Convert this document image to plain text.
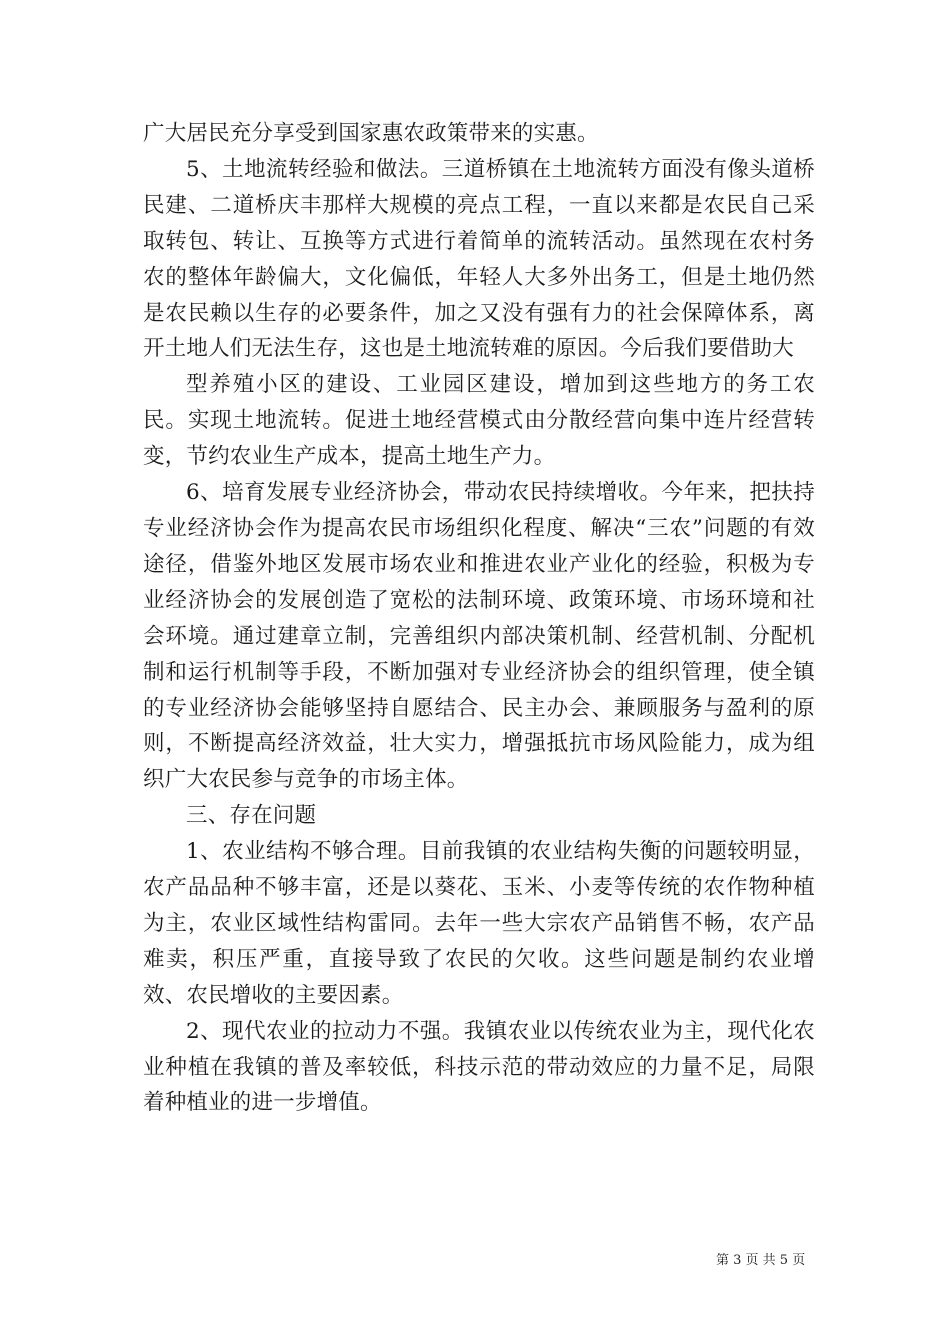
广大居民充分享受到国家惠农政策带来的实惠。

5、土地流转经验和做法。三道桥镇在土地流转方面没有像头道桥民建、二道桥庆丰那样大规模的亮点工程，一直以来都是农民自己采取转包、转让、互换等方式进行着简单的流转活动。虽然现在农村务农的整体年龄偏大，文化偏低，年轻人大多外出务工，但是土地仍然是农民赖以生存的必要条件，加之又没有强有力的社会保障体系，离开土地人们无法生存，这也是土地流转难的原因。今后我们要借助大

型养殖小区的建设、工业园区建设，增加到这些地方的务工农民。实现土地流转。促进土地经营模式由分散经营向集中连片经营转变，节约农业生产成本，提高土地生产力。

6、培育发展专业经济协会，带动农民持续增收。今年来，把扶持专业经济协会作为提高农民市场组织化程度、解决“三农”问题的有效途径，借鉴外地区发展市场农业和推进农业产业化的经验，积极为专业经济协会的发展创造了宽松的法制环境、政策环境、市场环境和社会环境。通过建章立制，完善组织内部决策机制、经营机制、分配机制和运行机制等手段，不断加强对专业经济协会的组织管理，使全镇的专业经济协会能够坚持自愿结合、民主办会、兼顾服务与盈利的原则，不断提高经济效益，壮大实力，增强抵抗市场风险能力，成为组织广大农民参与竞争的市场主体。

三、存在问题

1、农业结构不够合理。目前我镇的农业结构失衡的问题较明显，农产品品种不够丰富，还是以葵花、玉米、小麦等传统的农作物种植为主，农业区域性结构雷同。去年一些大宗农产品销售不畅，农产品难卖，积压严重，直接导致了农民的欠收。这些问题是制约农业增效、农民增收的主要因素。

2、现代农业的拉动力不强。我镇农业以传统农业为主，现代化农业种植在我镇的普及率较低，科技示范的带动效应的力量不足，局限着种植业的进一步增值。

第 3 页 共 5 页
